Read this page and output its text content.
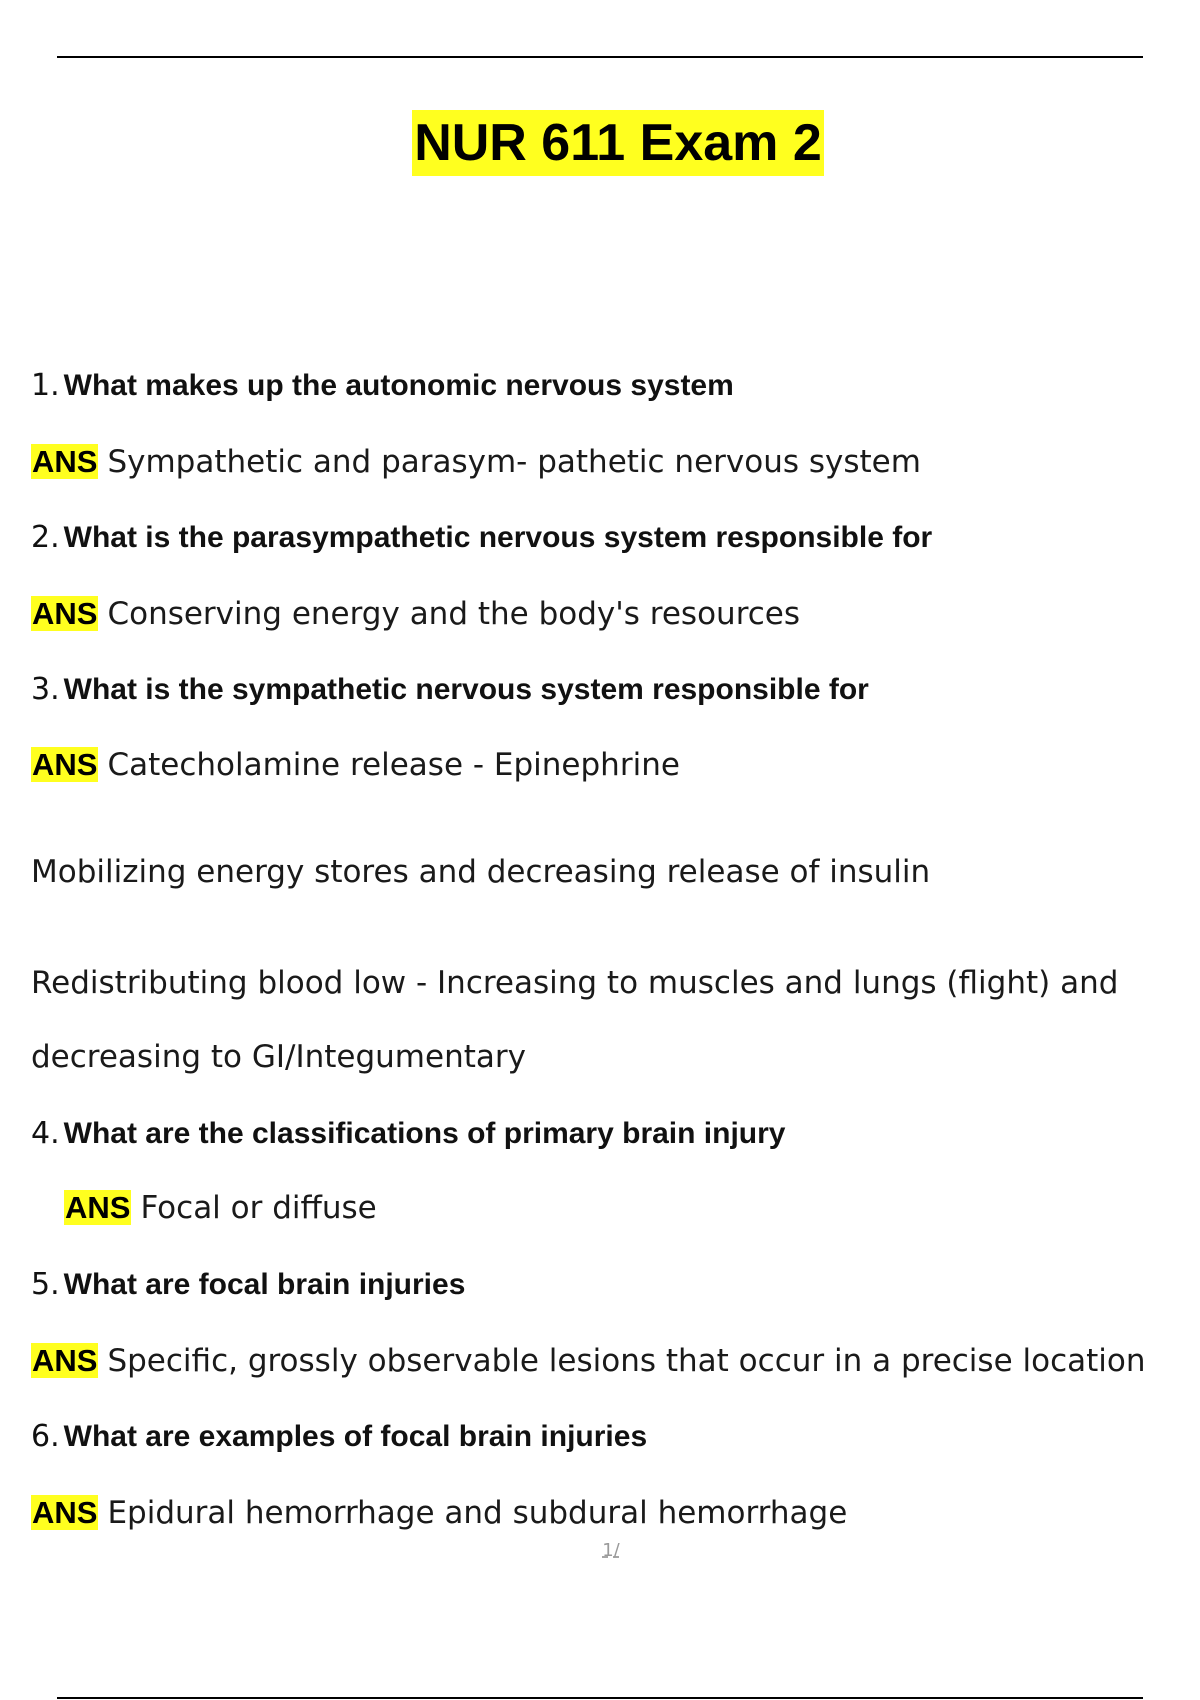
NUR 611 Exam 2
1. What makes up the autonomic nervous system
ANS Sympathetic and parasym- pathetic nervous system
2. What is the parasympathetic nervous system responsible for
ANS Conserving energy and the body's resources
3. What is the sympathetic nervous system responsible for
ANS Catecholamine release - Epinephrine
Mobilizing energy stores and decreasing release of insulin
Redistributing blood low - Increasing to muscles and lungs (flight) and
decreasing to GI/Integumentary
4. What are the classifications of primary brain injury
ANS Focal or diffuse
5. What are focal brain injuries
ANS Specific, grossly observable lesions that occur in a precise location
6. What are examples of focal brain injuries
ANS Epidural hemorrhage and subdural hemorrhage
1/
